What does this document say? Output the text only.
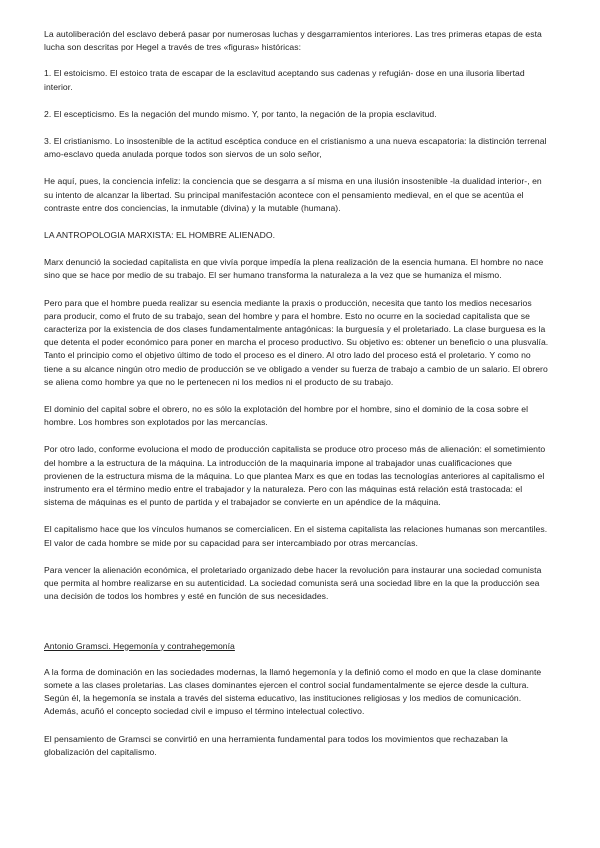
La autoliberación del esclavo deberá pasar por numerosas luchas y desgarramientos interiores. Las tres primeras etapas de esta lucha son descritas por Hegel a través de tres «figuras» históricas:

1. El estoicismo. El estoico trata de escapar de la esclavitud aceptando sus cadenas y refugián- dose en una ilusoria libertad interior.

2. El escepticismo. Es la negación del mundo mismo. Y, por tanto, la negación de la propia esclavitud.

3. El cristianismo. Lo insostenible de la actitud escéptica conduce en el cristianismo a una nueva escapatoria: la distinción terrenal amo-esclavo queda anulada porque todos son siervos de un solo señor,

He aquí, pues, la conciencia infeliz: la conciencia que se desgarra a sí misma en una ilusión insostenible -la dualidad interior-, en su intento de alcanzar la libertad. Su principal manifestación acontece con el pensamiento medieval, en el que se acentúa el contraste entre dos conciencias, la inmutable (divina) y la mutable (humana).

LA ANTROPOLOGIA MARXISTA: EL HOMBRE ALIENADO.

Marx denunció la sociedad capitalista en que vivía porque impedía la plena realización de la esencia humana. El hombre no nace sino que se hace por medio de su trabajo. El ser humano transforma la naturaleza a la vez que se humaniza el mismo.

Pero para que el hombre pueda realizar su esencia mediante la praxis o producción, necesita que tanto los medios necesarios para producir, como el fruto de su trabajo, sean del hombre y para el hombre. Esto no ocurre en la sociedad capitalista que se caracteriza por la existencia de dos clases fundamentalmente antagónicas: la burguesía y el proletariado. La clase burguesa es la que detenta el poder económico para poner en marcha el proceso productivo. Su objetivo es: obtener un beneficio o una plusvalía. Tanto el principio como el objetivo último de todo el proceso es el dinero. Al otro lado del proceso está el proletario. Y como no tiene a su alcance ningún otro medio de producción se ve obligado a vender su fuerza de trabajo a cambio de un salario. El obrero se aliena como hombre ya que no le pertenecen ni los medios ni el producto de su trabajo.

El dominio del capital sobre el obrero, no es sólo la explotación del hombre por el hombre, sino el dominio de la cosa sobre el hombre. Los hombres son explotados por las mercancías.

Por otro lado, conforme evoluciona el modo de producción capitalista se produce otro proceso más de alienación: el sometimiento del hombre a la estructura de la máquina. La introducción de la maquinaria impone al trabajador unas cualificaciones que provienen de la estructura misma de la máquina. Lo que plantea Marx es que en todas las tecnologías anteriores al capitalismo el instrumento era el término medio entre el trabajador y la naturaleza. Pero con las máquinas está relación está trastocada: el sistema de máquinas es el punto de partida y el trabajador se convierte en un apéndice de la máquina.

El capitalismo hace que los vínculos humanos se comercialicen. En el sistema capitalista las relaciones humanas son mercantiles. El valor de cada hombre se mide por su capacidad para ser intercambiado por otras mercancías.

Para vencer la alienación económica, el proletariado organizado debe hacer la revolución para instaurar una sociedad comunista que permita al hombre realizarse en su autenticidad. La sociedad comunista será una sociedad libre en la que la producción sea una decisión de todos los hombres y esté en función de sus necesidades.

Antonio Gramsci. Hegemonía y contrahegemonía

A la forma de dominación en las sociedades modernas, la llamó hegemonía y la definió como el modo en que la clase dominante somete a las clases proletarias. Las clases dominantes ejercen el control social fundamentalmente se ejerce desde la cultura. Según él, la hegemonía se instala a través del sistema educativo, las instituciones religiosas y los medios de comunicación. Además, acuñó el concepto sociedad civil e impuso el término intelectual colectivo.

El pensamiento de Gramsci se convirtió en una herramienta fundamental para todos los movimientos que rechazaban la globalización del capitalismo.
